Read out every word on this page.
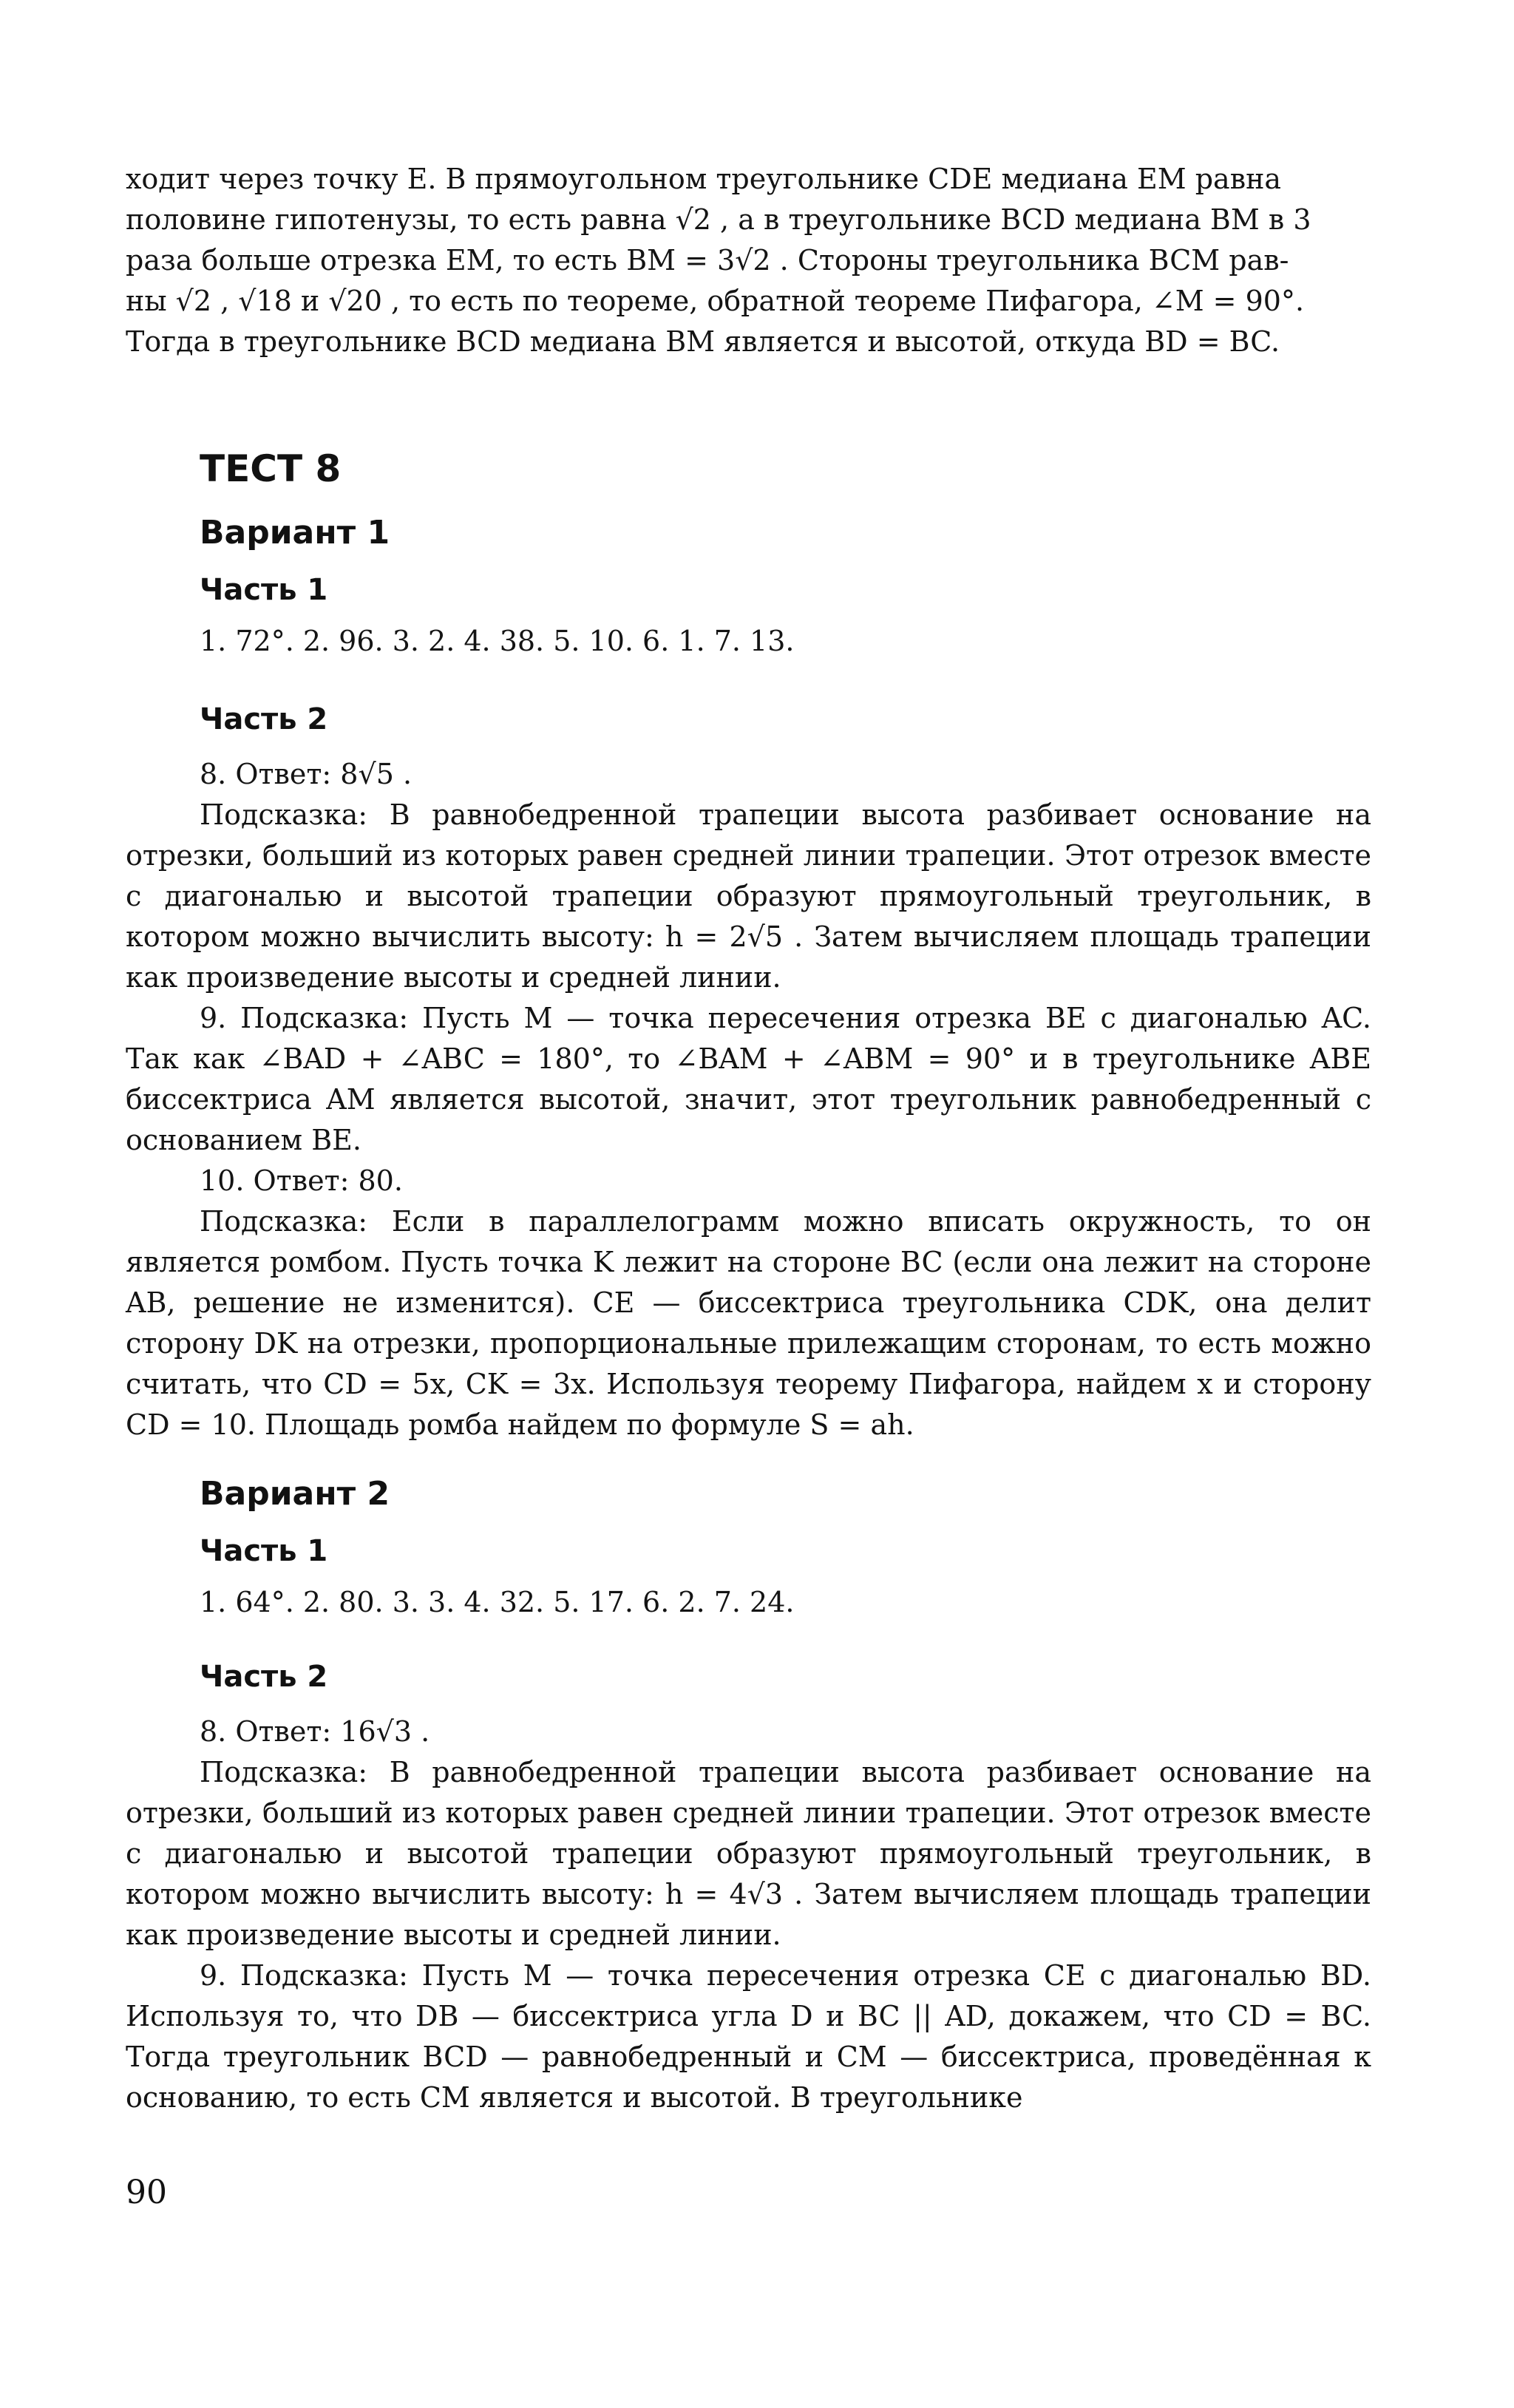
ходит через точку E. В прямоугольном треугольнике CDE медиана EM равна

половине гипотенузы, то есть равна √2 , а в треугольнике BCD медиана BM в 3

раза больше отрезка EM, то есть BM = 3√2 . Стороны треугольника BCM рав-

ны √2 , √18 и √20 , то есть по теореме, обратной теореме Пифагора, ∠M = 90°.

Тогда в треугольнике BCD медиана BM является и высотой, откуда BD = BC.

ТЕСТ 8
Вариант 1
Часть 1
1. 72°. 2. 96. 3. 2. 4. 38. 5. 10. 6. 1. 7. 13.
Часть 2

8. Ответ: 8√5 .

Подсказка: В равнобедренной трапеции высота разбивает основание на отрезки, больший из которых равен средней линии трапеции. Этот отрезок вместе с диагональю и высотой трапеции образуют прямоугольный треугольник, в котором можно вычислить высоту: h = 2√5 . Затем вычисляем площадь трапеции как произведение высоты и средней линии.

9. Подсказка: Пусть M — точка пересечения отрезка BE с диагональю AC. Так как ∠BAD + ∠ABC = 180°, то ∠BAM + ∠ABM = 90° и в треугольнике ABE биссектриса AM является высотой, значит, этот треугольник равнобедренный с основанием BE.

10. Ответ: 80.

Подсказка: Если в параллелограмм можно вписать окружность, то он является ромбом. Пусть точка K лежит на стороне BC (если она лежит на стороне AB, решение не изменится). CE — биссектриса треугольника CDK, она делит сторону DK на отрезки, пропорциональные прилежащим сторонам, то есть можно считать, что CD = 5x, CK = 3x. Используя теорему Пифагора, найдем x и сторону CD = 10. Площадь ромба найдем по формуле S = ah.

Вариант 2
Часть 1
1. 64°. 2. 80. 3. 3. 4. 32. 5. 17. 6. 2. 7. 24.
Часть 2

8. Ответ: 16√3 .

Подсказка: В равнобедренной трапеции высота разбивает основание на отрезки, больший из которых равен средней линии трапеции. Этот отрезок вместе с диагональю и высотой трапеции образуют прямоугольный треугольник, в котором можно вычислить высоту: h = 4√3 . Затем вычисляем площадь трапеции как произведение высоты и средней линии.

9. Подсказка: Пусть M — точка пересечения отрезка CE с диагональю BD. Используя то, что DB — биссектриса угла D и BC || AD, докажем, что CD = BC. Тогда треугольник BCD — равнобедренный и CM — биссектриса, проведённая к основанию, то есть CM является и высотой. В треугольнике

90
